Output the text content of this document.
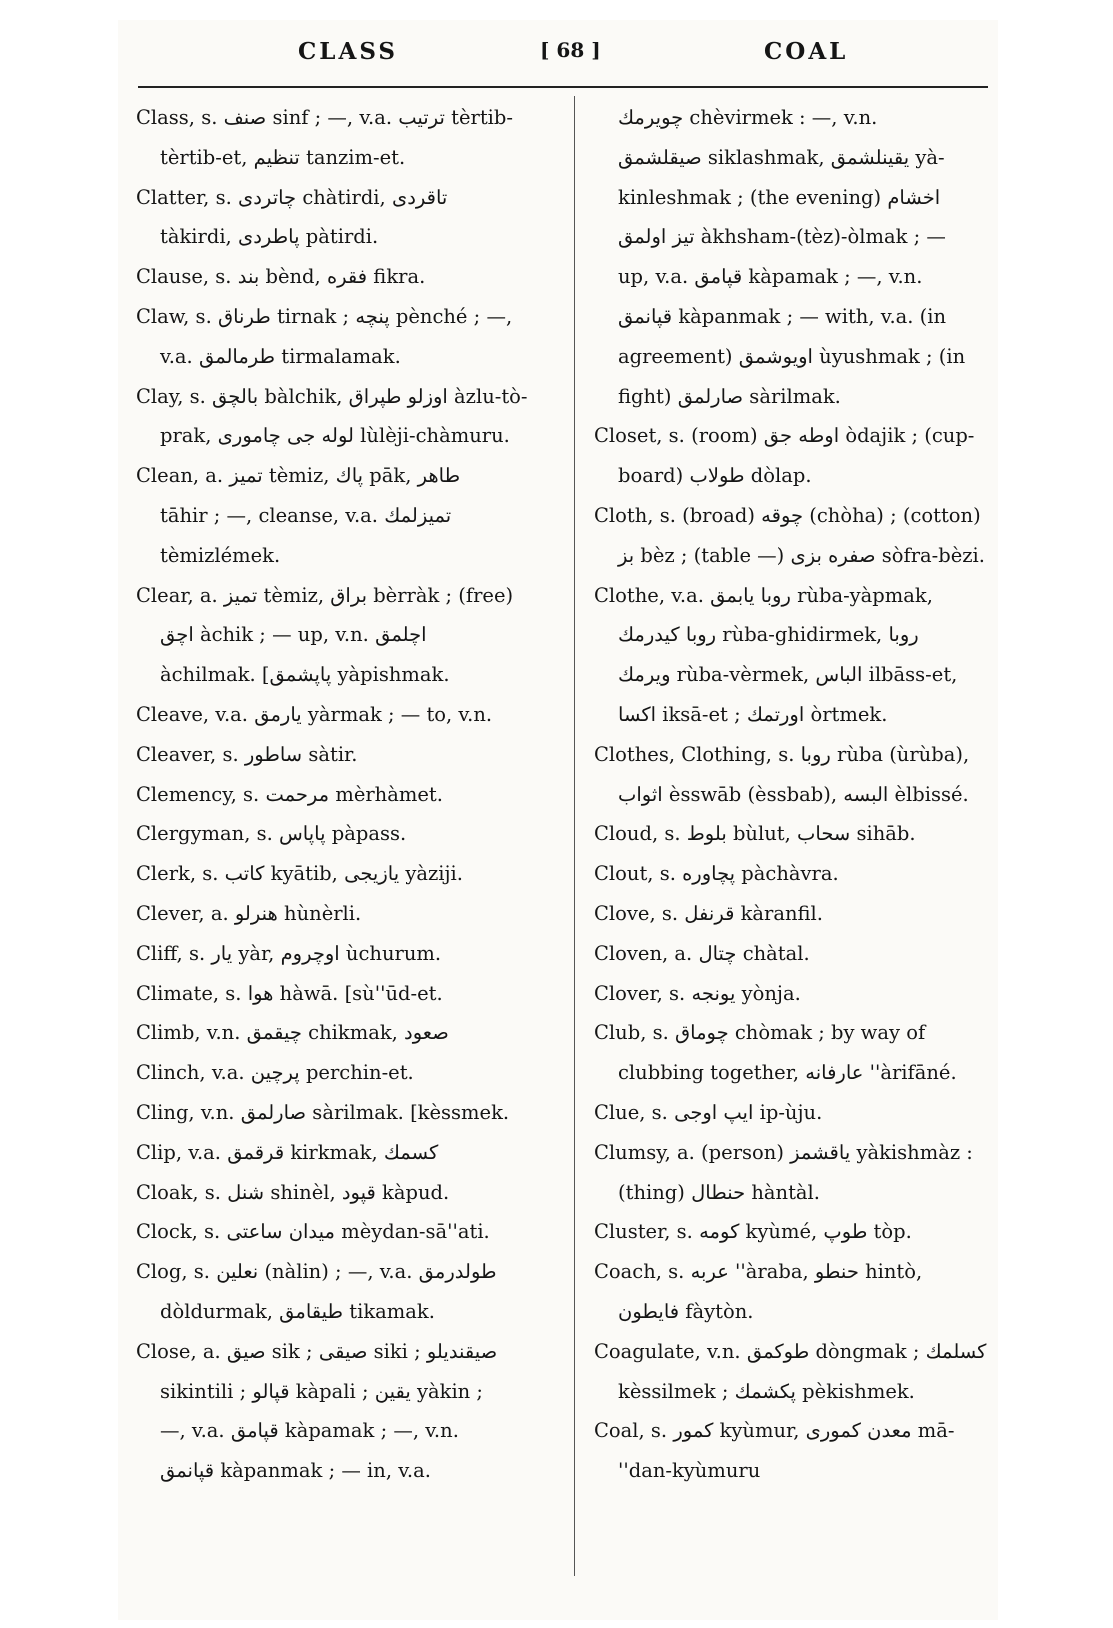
CLASS	[ 68 ]	COAL
Class, s. صنف sinf ; —, v.a. ترتيب tèrtib-
tèrtib-et, تنظيم tanzim-et.
Clatter, s. چاتردى chàtirdi, تاقردى
tàkirdi, پاطردى pàtirdi.
Clause, s. بند bènd, فقره fikra.
Claw, s. طرناق tirnak ; پنچه pènché ; —,
v.a. طرمالمق tirmalamak.
Clay, s. بالچق bàlchik, اوزلو طپراق àzlu-tò-
prak, لوله جى چاموری lùlèji-chàmuru.
Clean, a. تميز tèmiz, پاك pāk, طاهر
tāhir ; —, cleanse, v.a. تميزلمك
tèmizlémek.
Clear, a. تميز tèmiz, براق bèrràk ; (free)
اچق àchik ; — up, v.n. اچلمق
àchilmak. [پاپشمق yàpishmak.
Cleave, v.a. يارمق yàrmak ; — to, v.n.
Cleaver, s. ساطور sàtir.
Clemency, s. مرحمت mèrhàmet.
Clergyman, s. پاپاس pàpass.
Clerk, s. كاتب kyātib, يازيجى yàziji.
Clever, a. هنرلو hùnèrli.
Cliff, s. يار yàr, اوچروم ùchurum.
Climate, s. هوا hàwā. [sù''ūd-et.
Climb, v.n. چيقمق chikmak, صعود
Clinch, v.a. پرچين perchin-et.
Cling, v.n. صارلمق sàrilmak. [kèssmek.
Clip, v.a. قرقمق kirkmak, كسمك
Cloak, s. شنل shinèl, قپود kàpud.
Clock, s. ميدان ساعتى mèydan-sā''ati.
Clog, s. نعلين (nàlin) ; —, v.a. طولدرمق
dòldurmak, طيقامق tikamak.
Close, a. صيق sik ; صيقى siki ; صيقنديلو
sikintili ; قپالو kàpali ; يقين yàkin ;
—, v.a. قپامق kàpamak ; —, v.n.
قپانمق kàpanmak ; — in, v.a.
چويرمك chèvirmek : —, v.n.
صيقلشمق siklashmak, يقينلشمق yà-
kinleshmak ; (the evening) اخشام
تيز اولمق àkhsham-(tèz)-òlmak ; —
up, v.a. قپامق kàpamak ; —, v.n.
قپانمق kàpanmak ; — with, v.a. (in
agreement) اويوشمق ùyushmak ; (in
fight) صارلمق sàrilmak.
Closet, s. (room) اوطه جق òdajik ; (cup-
board) طولاب dòlap.
Cloth, s. (broad) چوقه (chòha) ; (cotton)
بز bèz ; (table —) صفره بزى sòfra-bèzi.
Clothe, v.a. روبا يابمق rùba-yàpmak,
روبا كيدرمك rùba-ghidirmek, روبا
ويرمك rùba-vèrmek, الباس ilbāss-et,
اكسا iksā-et ; اورتمك òrtmek.
Clothes, Clothing, s. روبا rùba (ùrùba),
اثواب èsswāb (èssbab), البسه èlbissé.
Cloud, s. بلوط bùlut, سحاب sihāb.
Clout, s. پچاوره pàchàvra.
Clove, s. قرنفل kàranfil.
Cloven, a. چتال chàtal.
Clover, s. يونجه yònja.
Club, s. چوماق chòmak ; by way of
clubbing together, عارفانه ''àrifāné.
Clue, s. ايپ اوجى ip-ùju.
Clumsy, a. (person) ياقشمز yàkishmàz :
(thing) حنطال hàntàl.
Cluster, s. كومه kyùmé, طوپ tòp.
Coach, s. عربه ''àraba, حنطو hintò,
فايطون fàytòn.
Coagulate, v.n. طوكمق dòngmak ; كسلمك
kèssilmek ; پكشمك pèkishmek.
Coal, s. كمور kyùmur, معدن كمورى mā-
''dan-kyùmuru
